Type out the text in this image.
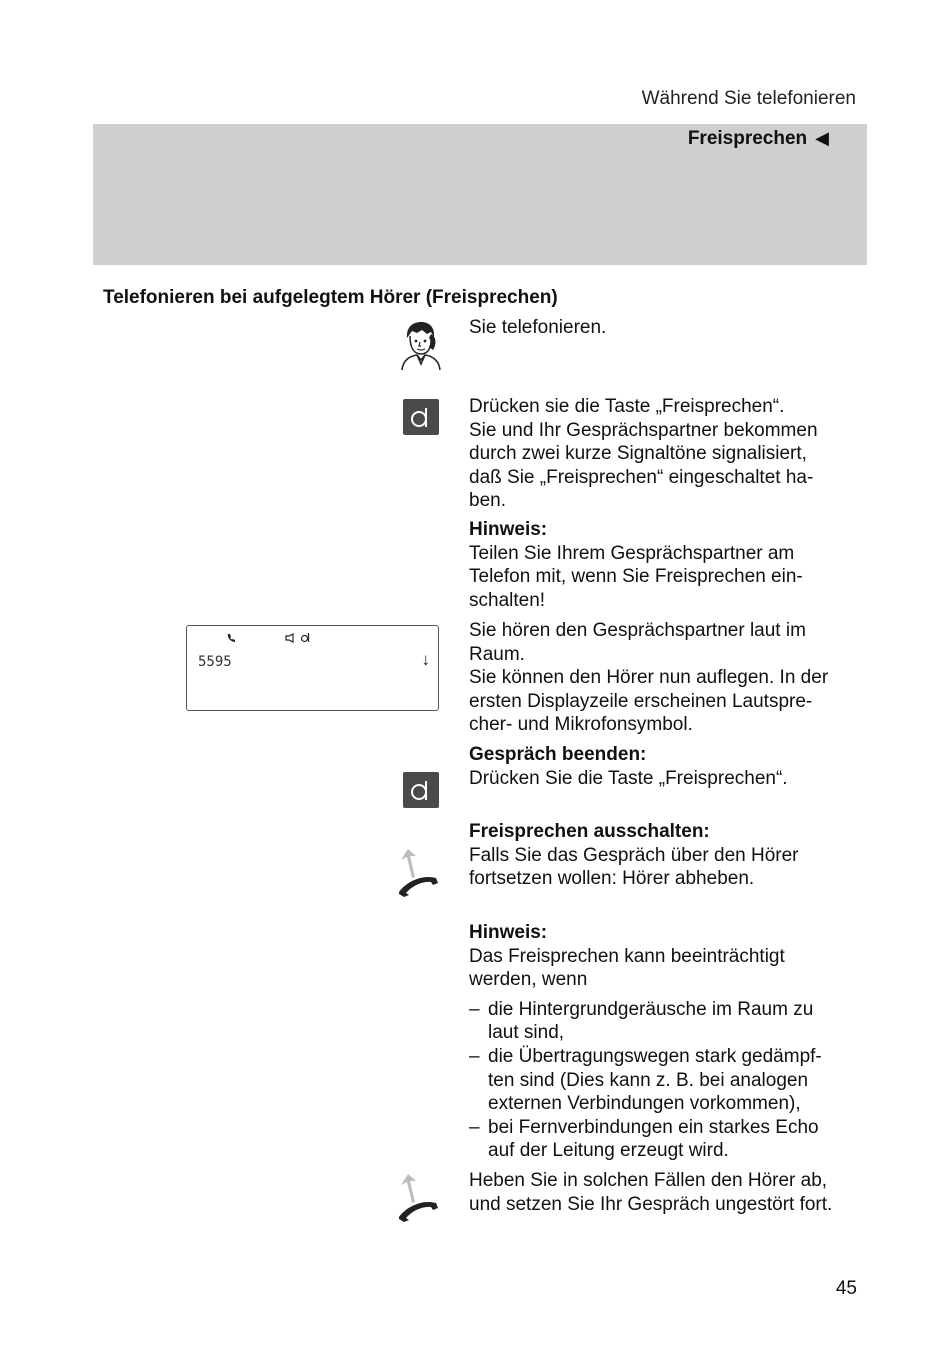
Während Sie telefonieren
Freisprechen ◀
Telefonieren bei aufgelegtem Hörer (Freisprechen)
5595	↓

Sie telefonieren.

Drücken sie die Taste „Freisprechen“.

Sie und Ihr Gesprächspartner bekommen

durch zwei kurze Signaltöne signalisiert,

daß Sie „Freisprechen“ eingeschaltet ha-

ben.

Hinweis:

Teilen Sie Ihrem Gesprächspartner am

Telefon mit, wenn Sie Freisprechen ein-

schalten!

Sie hören den Gesprächspartner laut im

Raum.

Sie können den Hörer nun auflegen. In der

ersten Displayzeile erscheinen Lautspre-

cher- und Mikrofonsymbol.

Gespräch beenden:

Drücken Sie die Taste „Freisprechen“.

Freisprechen ausschalten:

Falls Sie das Gespräch über den Hörer

fortsetzen wollen: Hörer abheben.

Hinweis:

Das Freisprechen kann beeinträchtigt

werden, wenn

– die Hintergrundgeräusche im Raum zu
laut sind,
– die Übertragungswegen stark gedämpf-
ten sind (Dies kann z. B. bei analogen
externen Verbindungen vorkommen),
– bei Fernverbindungen ein starkes Echo
auf der Leitung erzeugt wird.

Heben Sie in solchen Fällen den Hörer ab,

und setzen Sie Ihr Gespräch ungestört fort.

45
